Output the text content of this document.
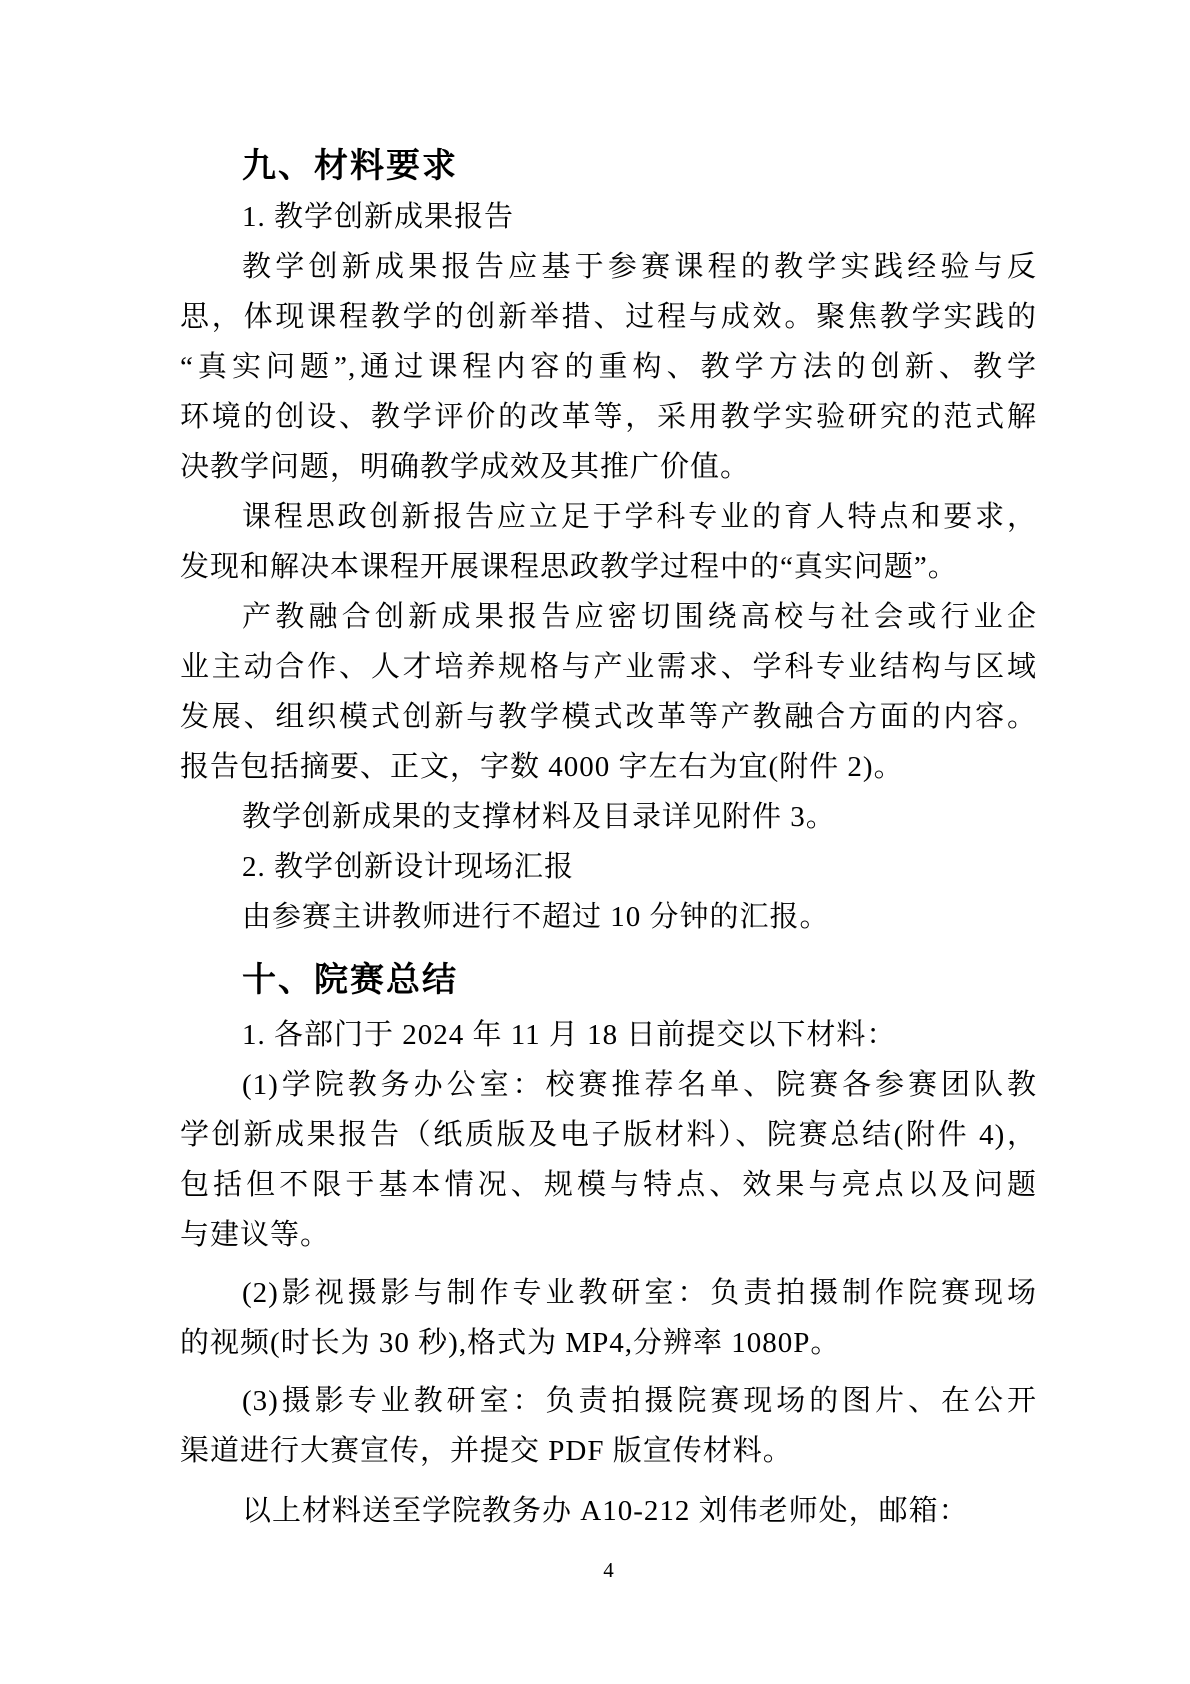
九、材料要求
1. 教学创新成果报告
教学创新成果报告应基于参赛课程的教学实践经验与反
思，体现课程教学的创新举措、过程与成效。聚焦教学实践的
“真实问题”,通过课程内容的重构、教学方法的创新、教学
环境的创设、教学评价的改革等，采用教学实验研究的范式解
决教学问题，明确教学成效及其推广价值。
课程思政创新报告应立足于学科专业的育人特点和要求，
发现和解决本课程开展课程思政教学过程中的“真实问题”。
产教融合创新成果报告应密切围绕高校与社会或行业企
业主动合作、人才培养规格与产业需求、学科专业结构与区域
发展、组织模式创新与教学模式改革等产教融合方面的内容。
报告包括摘要、正文，字数 4000 字左右为宜(附件 2)。
教学创新成果的支撑材料及目录详见附件 3。
2. 教学创新设计现场汇报
由参赛主讲教师进行不超过 10 分钟的汇报。
十、院赛总结
1. 各部门于 2024 年 11 月 18 日前提交以下材料：
(1)学院教务办公室：校赛推荐名单、院赛各参赛团队教
学创新成果报告（纸质版及电子版材料）、院赛总结(附件 4)，
包括但不限于基本情况、规模与特点、效果与亮点以及问题
与建议等。
(2)影视摄影与制作专业教研室：负责拍摄制作院赛现场
的视频(时长为 30 秒),格式为 MP4,分辨率 1080P。
(3)摄影专业教研室：负责拍摄院赛现场的图片、在公开
渠道进行大赛宣传，并提交 PDF 版宣传材料。
以上材料送至学院教务办 A10-212 刘伟老师处，邮箱：
4
